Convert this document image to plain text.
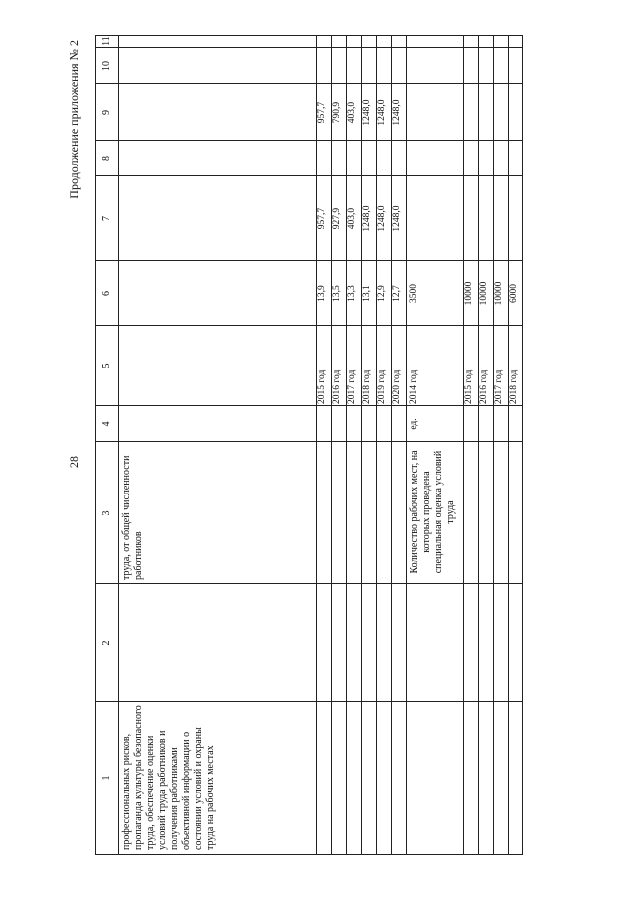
28
Продолжение приложения № 2
1
2
3
4
5
6
7
8
9
10
11
профессиональных рисков, пропаганда культуры безопасного труда, обеспечение оценки условий труда работников и получения работниками объективной информации о состоянии условий и охраны труда на рабочих местах
труда, от общей численности работников
2015 год
13,9
957,7
957,7
2016 год
13,5
927,9
790,9
2017 год
13,3
403,0
403,0
2018 год
13,1
1248,0
1248,0
2019 год
12,9
1248,0
1248,0
2020 год
12,7
1248,0
1248,0
Количество рабочих мест, на которых проведена специальная оценка условий труда
ед.
2014 год
3500
2015 год
10000
2016 год
10000
2017 год
10000
2018 год
6000
